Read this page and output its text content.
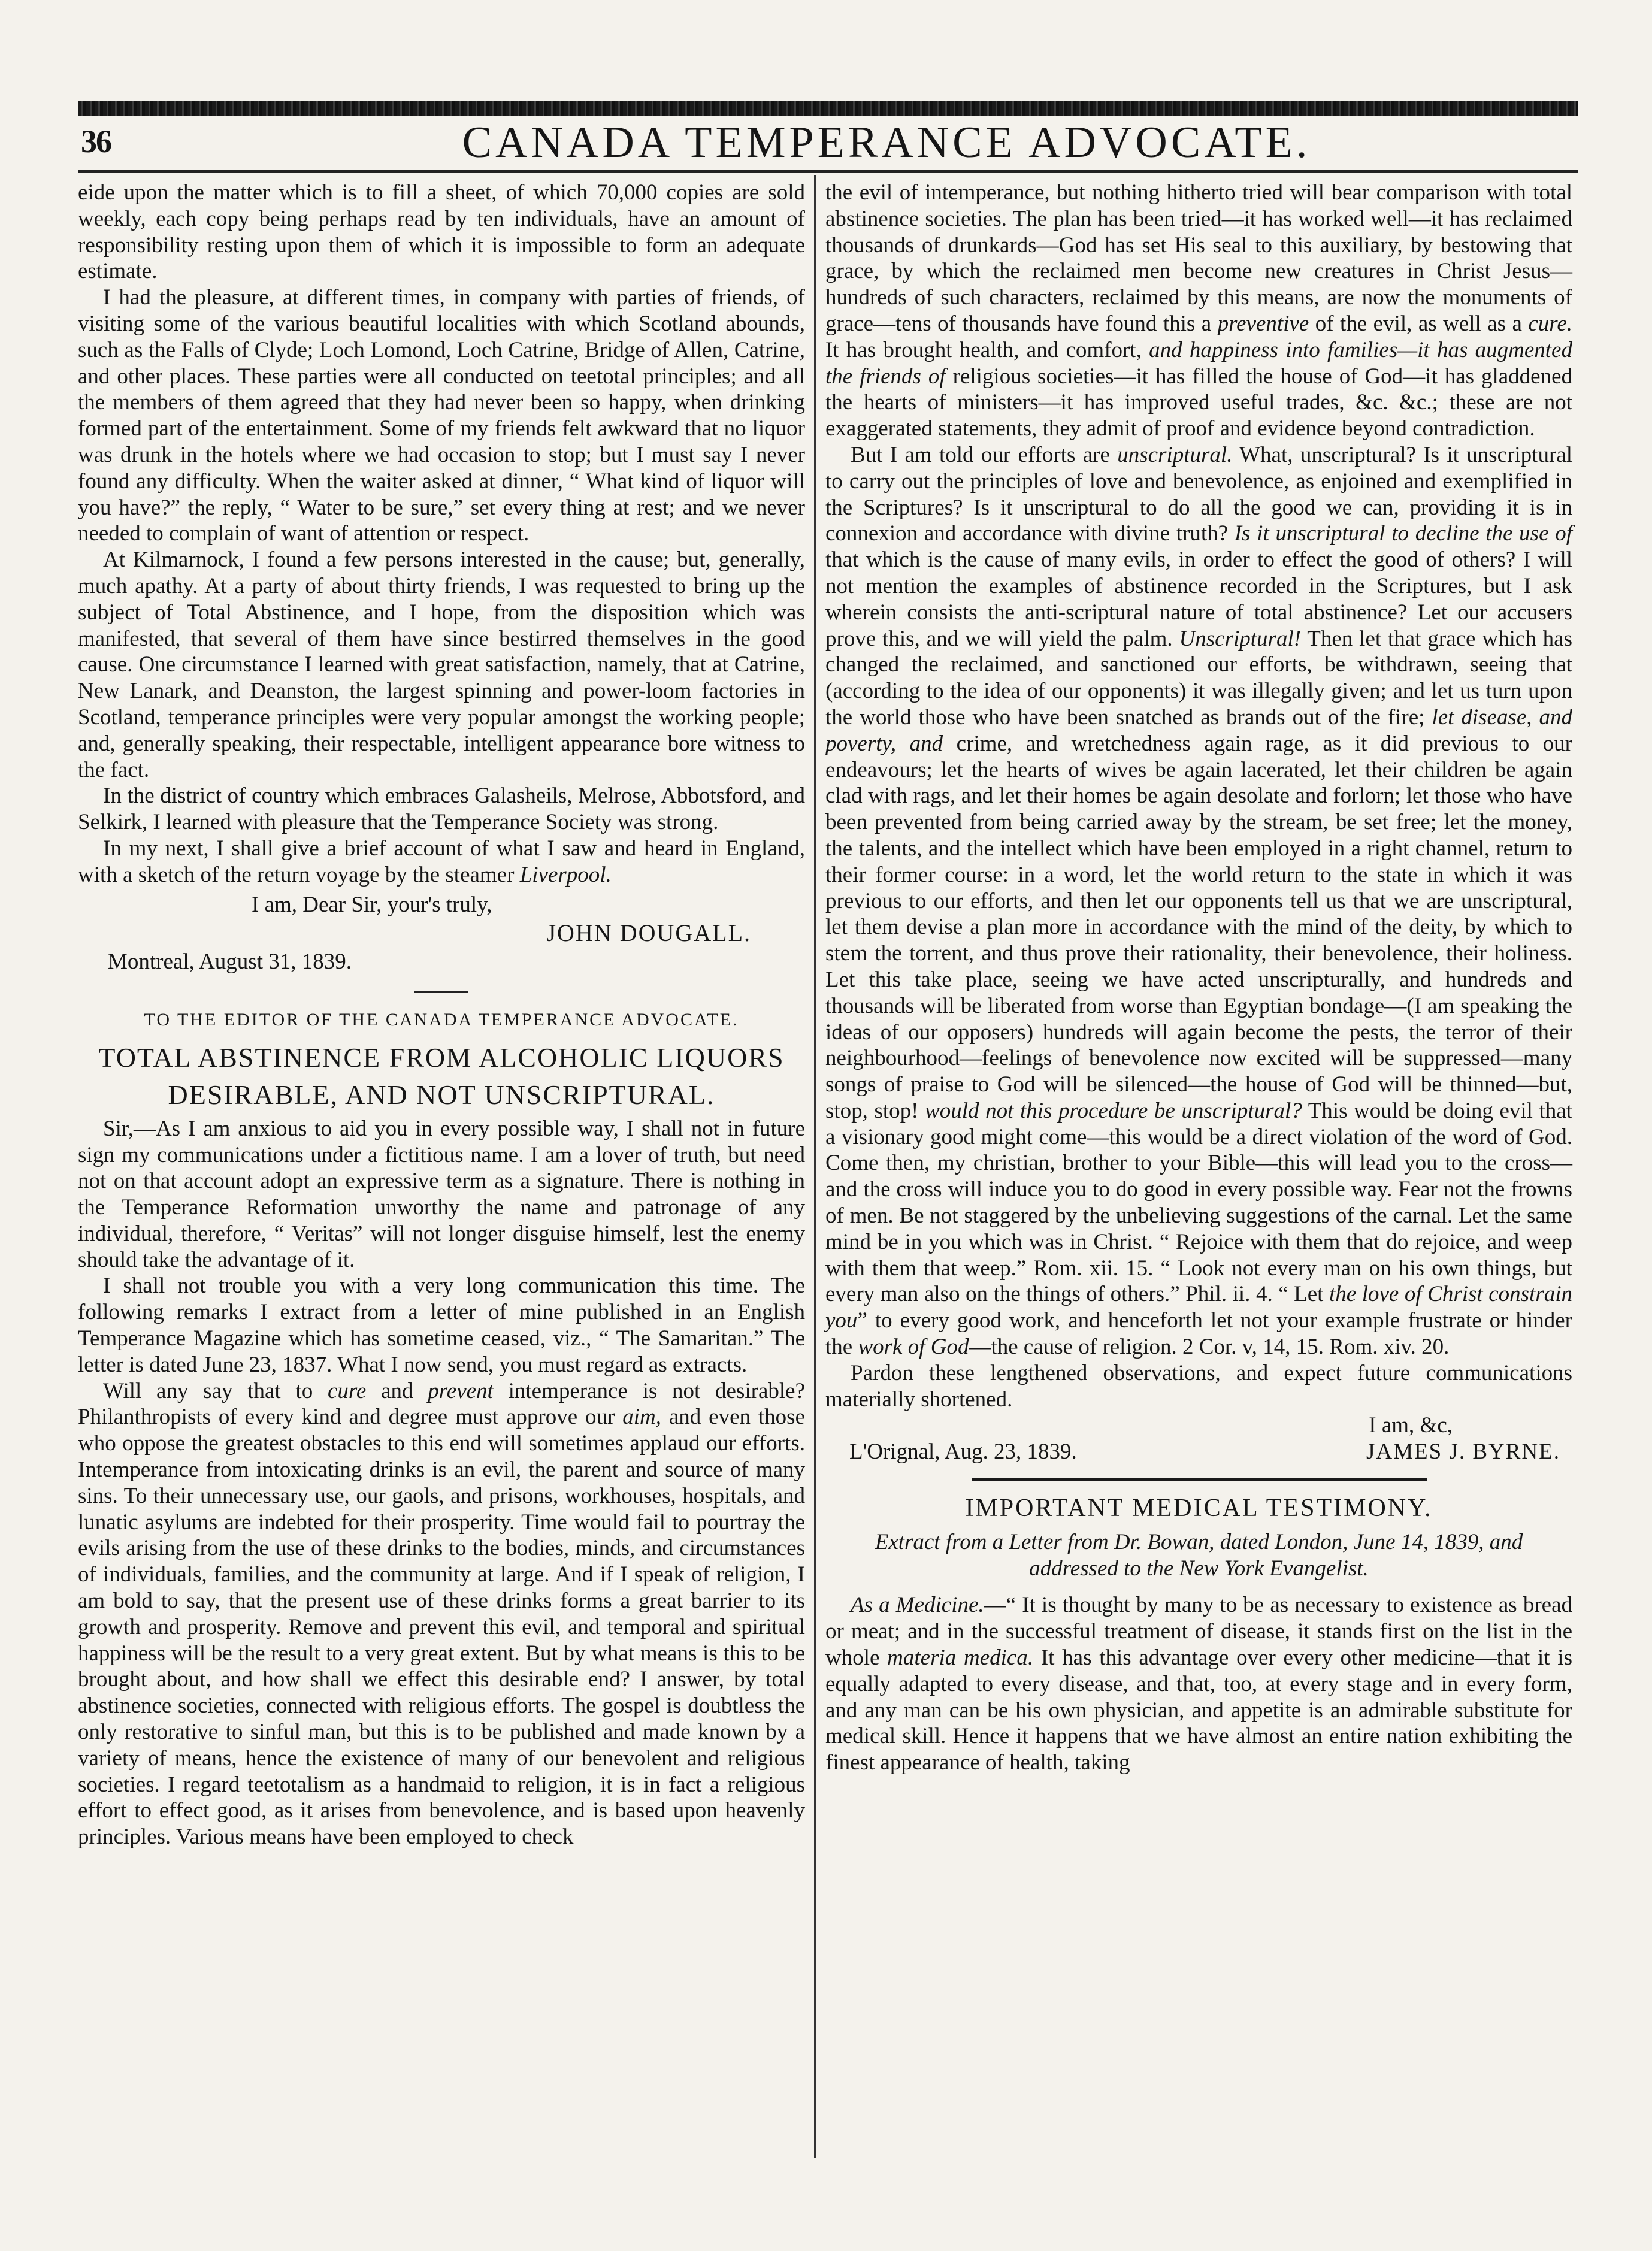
36	CANADA TEMPERANCE ADVOCATE.

eide upon the matter which is to fill a sheet, of which 70,000 copies are sold weekly, each copy being perhaps read by ten individuals, have an amount of responsibility resting upon them of which it is impossible to form an adequate estimate.

I had the pleasure, at different times, in company with parties of friends, of visiting some of the various beautiful localities with which Scotland abounds, such as the Falls of Clyde; Loch Lomond, Loch Catrine, Bridge of Allen, Catrine, and other places. These parties were all conducted on teetotal principles; and all the members of them agreed that they had never been so happy, when drinking formed part of the entertainment. Some of my friends felt awkward that no liquor was drunk in the hotels where we had occasion to stop; but I must say I never found any difficulty. When the waiter asked at dinner, “ What kind of liquor will you have?” the reply, “ Water to be sure,” set every thing at rest; and we never needed to complain of want of attention or respect.

At Kilmarnock, I found a few persons interested in the cause; but, generally, much apathy. At a party of about thirty friends, I was requested to bring up the subject of Total Abstinence, and I hope, from the disposition which was manifested, that several of them have since bestirred themselves in the good cause. One circumstance I learned with great satisfaction, namely, that at Catrine, New Lanark, and Deanston, the largest spinning and power-loom factories in Scotland, temperance principles were very popular amongst the working people; and, generally speaking, their respectable, intelligent appearance bore witness to the fact.

In the district of country which embraces Galasheils, Melrose, Abbotsford, and Selkirk, I learned with pleasure that the Temperance Society was strong.

In my next, I shall give a brief account of what I saw and heard in England, with a sketch of the return voyage by the steamer Liverpool.

I am, Dear Sir, your's truly,
JOHN DOUGALL.
Montreal, August 31, 1839.
TO THE EDITOR OF THE CANADA TEMPERANCE ADVOCATE.
TOTAL ABSTINENCE FROM ALCOHOLIC LIQUORS
DESIRABLE, AND NOT UNSCRIPTURAL.

Sir,—As I am anxious to aid you in every possible way, I shall not in future sign my communications under a fictitious name. I am a lover of truth, but need not on that account adopt an expressive term as a signature. There is nothing in the Temperance Reformation unworthy the name and patronage of any individual, therefore, “ Veritas” will not longer disguise himself, lest the enemy should take the advantage of it.

I shall not trouble you with a very long communication this time. The following remarks I extract from a letter of mine published in an English Temperance Magazine which has sometime ceased, viz., “ The Samaritan.” The letter is dated June 23, 1837. What I now send, you must regard as extracts.

Will any say that to cure and prevent intemperance is not desirable? Philanthropists of every kind and degree must approve our aim, and even those who oppose the greatest obstacles to this end will sometimes applaud our efforts. Intemperance from intoxicating drinks is an evil, the parent and source of many sins. To their unnecessary use, our gaols, and prisons, workhouses, hospitals, and lunatic asylums are indebted for their prosperity. Time would fail to pourtray the evils arising from the use of these drinks to the bodies, minds, and circumstances of individuals, families, and the community at large. And if I speak of religion, I am bold to say, that the present use of these drinks forms a great barrier to its growth and prosperity. Remove and prevent this evil, and temporal and spiritual happiness will be the result to a very great extent. But by what means is this to be brought about, and how shall we effect this desirable end? I answer, by total abstinence societies, connected with religious efforts. The gospel is doubtless the only restorative to sinful man, but this is to be published and made known by a variety of means, hence the existence of many of our benevolent and religious societies. I regard teetotalism as a handmaid to religion, it is in fact a religious effort to effect good, as it arises from benevolence, and is based upon heavenly principles. Various means have been employed to check

the evil of intemperance, but nothing hitherto tried will bear comparison with total abstinence societies. The plan has been tried—it has worked well—it has reclaimed thousands of drunkards—God has set His seal to this auxiliary, by bestowing that grace, by which the reclaimed men become new creatures in Christ Jesus—hundreds of such characters, reclaimed by this means, are now the monuments of grace—tens of thousands have found this a preventive of the evil, as well as a cure. It has brought health, and comfort, and happiness into families—it has augmented the friends of religious societies—it has filled the house of God—it has gladdened the hearts of ministers—it has improved useful trades, &c. &c.; these are not exaggerated statements, they admit of proof and evidence beyond contradiction.

But I am told our efforts are unscriptural. What, unscriptural? Is it unscriptural to carry out the principles of love and benevolence, as enjoined and exemplified in the Scriptures? Is it unscriptural to do all the good we can, providing it is in connexion and accordance with divine truth? Is it unscriptural to decline the use of that which is the cause of many evils, in order to effect the good of others? I will not mention the examples of abstinence recorded in the Scriptures, but I ask wherein consists the anti-scriptural nature of total abstinence? Let our accusers prove this, and we will yield the palm. Unscriptural! Then let that grace which has changed the reclaimed, and sanctioned our efforts, be withdrawn, seeing that (according to the idea of our opponents) it was illegally given; and let us turn upon the world those who have been snatched as brands out of the fire; let disease, and poverty, and crime, and wretchedness again rage, as it did previous to our endeavours; let the hearts of wives be again lacerated, let their children be again clad with rags, and let their homes be again desolate and forlorn; let those who have been prevented from being carried away by the stream, be set free; let the money, the talents, and the intellect which have been employed in a right channel, return to their former course: in a word, let the world return to the state in which it was previous to our efforts, and then let our opponents tell us that we are unscriptural, let them devise a plan more in accordance with the mind of the deity, by which to stem the torrent, and thus prove their rationality, their benevolence, their holiness. Let this take place, seeing we have acted unscripturally, and hundreds and thousands will be liberated from worse than Egyptian bondage—(I am speaking the ideas of our opposers) hundreds will again become the pests, the terror of their neighbourhood—feelings of benevolence now excited will be suppressed—many songs of praise to God will be silenced—the house of God will be thinned—but, stop, stop! would not this procedure be unscriptural? This would be doing evil that a visionary good might come—this would be a direct violation of the word of God. Come then, my christian, brother to your Bible—this will lead you to the cross—and the cross will induce you to do good in every possible way. Fear not the frowns of men. Be not staggered by the unbelieving suggestions of the carnal. Let the same mind be in you which was in Christ. “ Rejoice with them that do rejoice, and weep with them that weep.” Rom. xii. 15. “ Look not every man on his own things, but every man also on the things of others.” Phil. ii. 4. “ Let the love of Christ constrain you” to every good work, and henceforth let not your example frustrate or hinder the work of God—the cause of religion. 2 Cor. v, 14, 15. Rom. xiv. 20.

Pardon these lengthened observations, and expect future communications materially shortened.

I am, &c,
L'Orignal, Aug. 23, 1839.	JAMES J. BYRNE.
IMPORTANT MEDICAL TESTIMONY.
Extract from a Letter from Dr. Bowan, dated London, June 14, 1839, and addressed to the New York Evangelist.

As a Medicine.—“ It is thought by many to be as necessary to existence as bread or meat; and in the successful treatment of disease, it stands first on the list in the whole materia medica. It has this advantage over every other medicine—that it is equally adapted to every disease, and that, too, at every stage and in every form, and any man can be his own physician, and appetite is an admirable substitute for medical skill. Hence it happens that we have almost an entire nation exhibiting the finest appearance of health, taking
